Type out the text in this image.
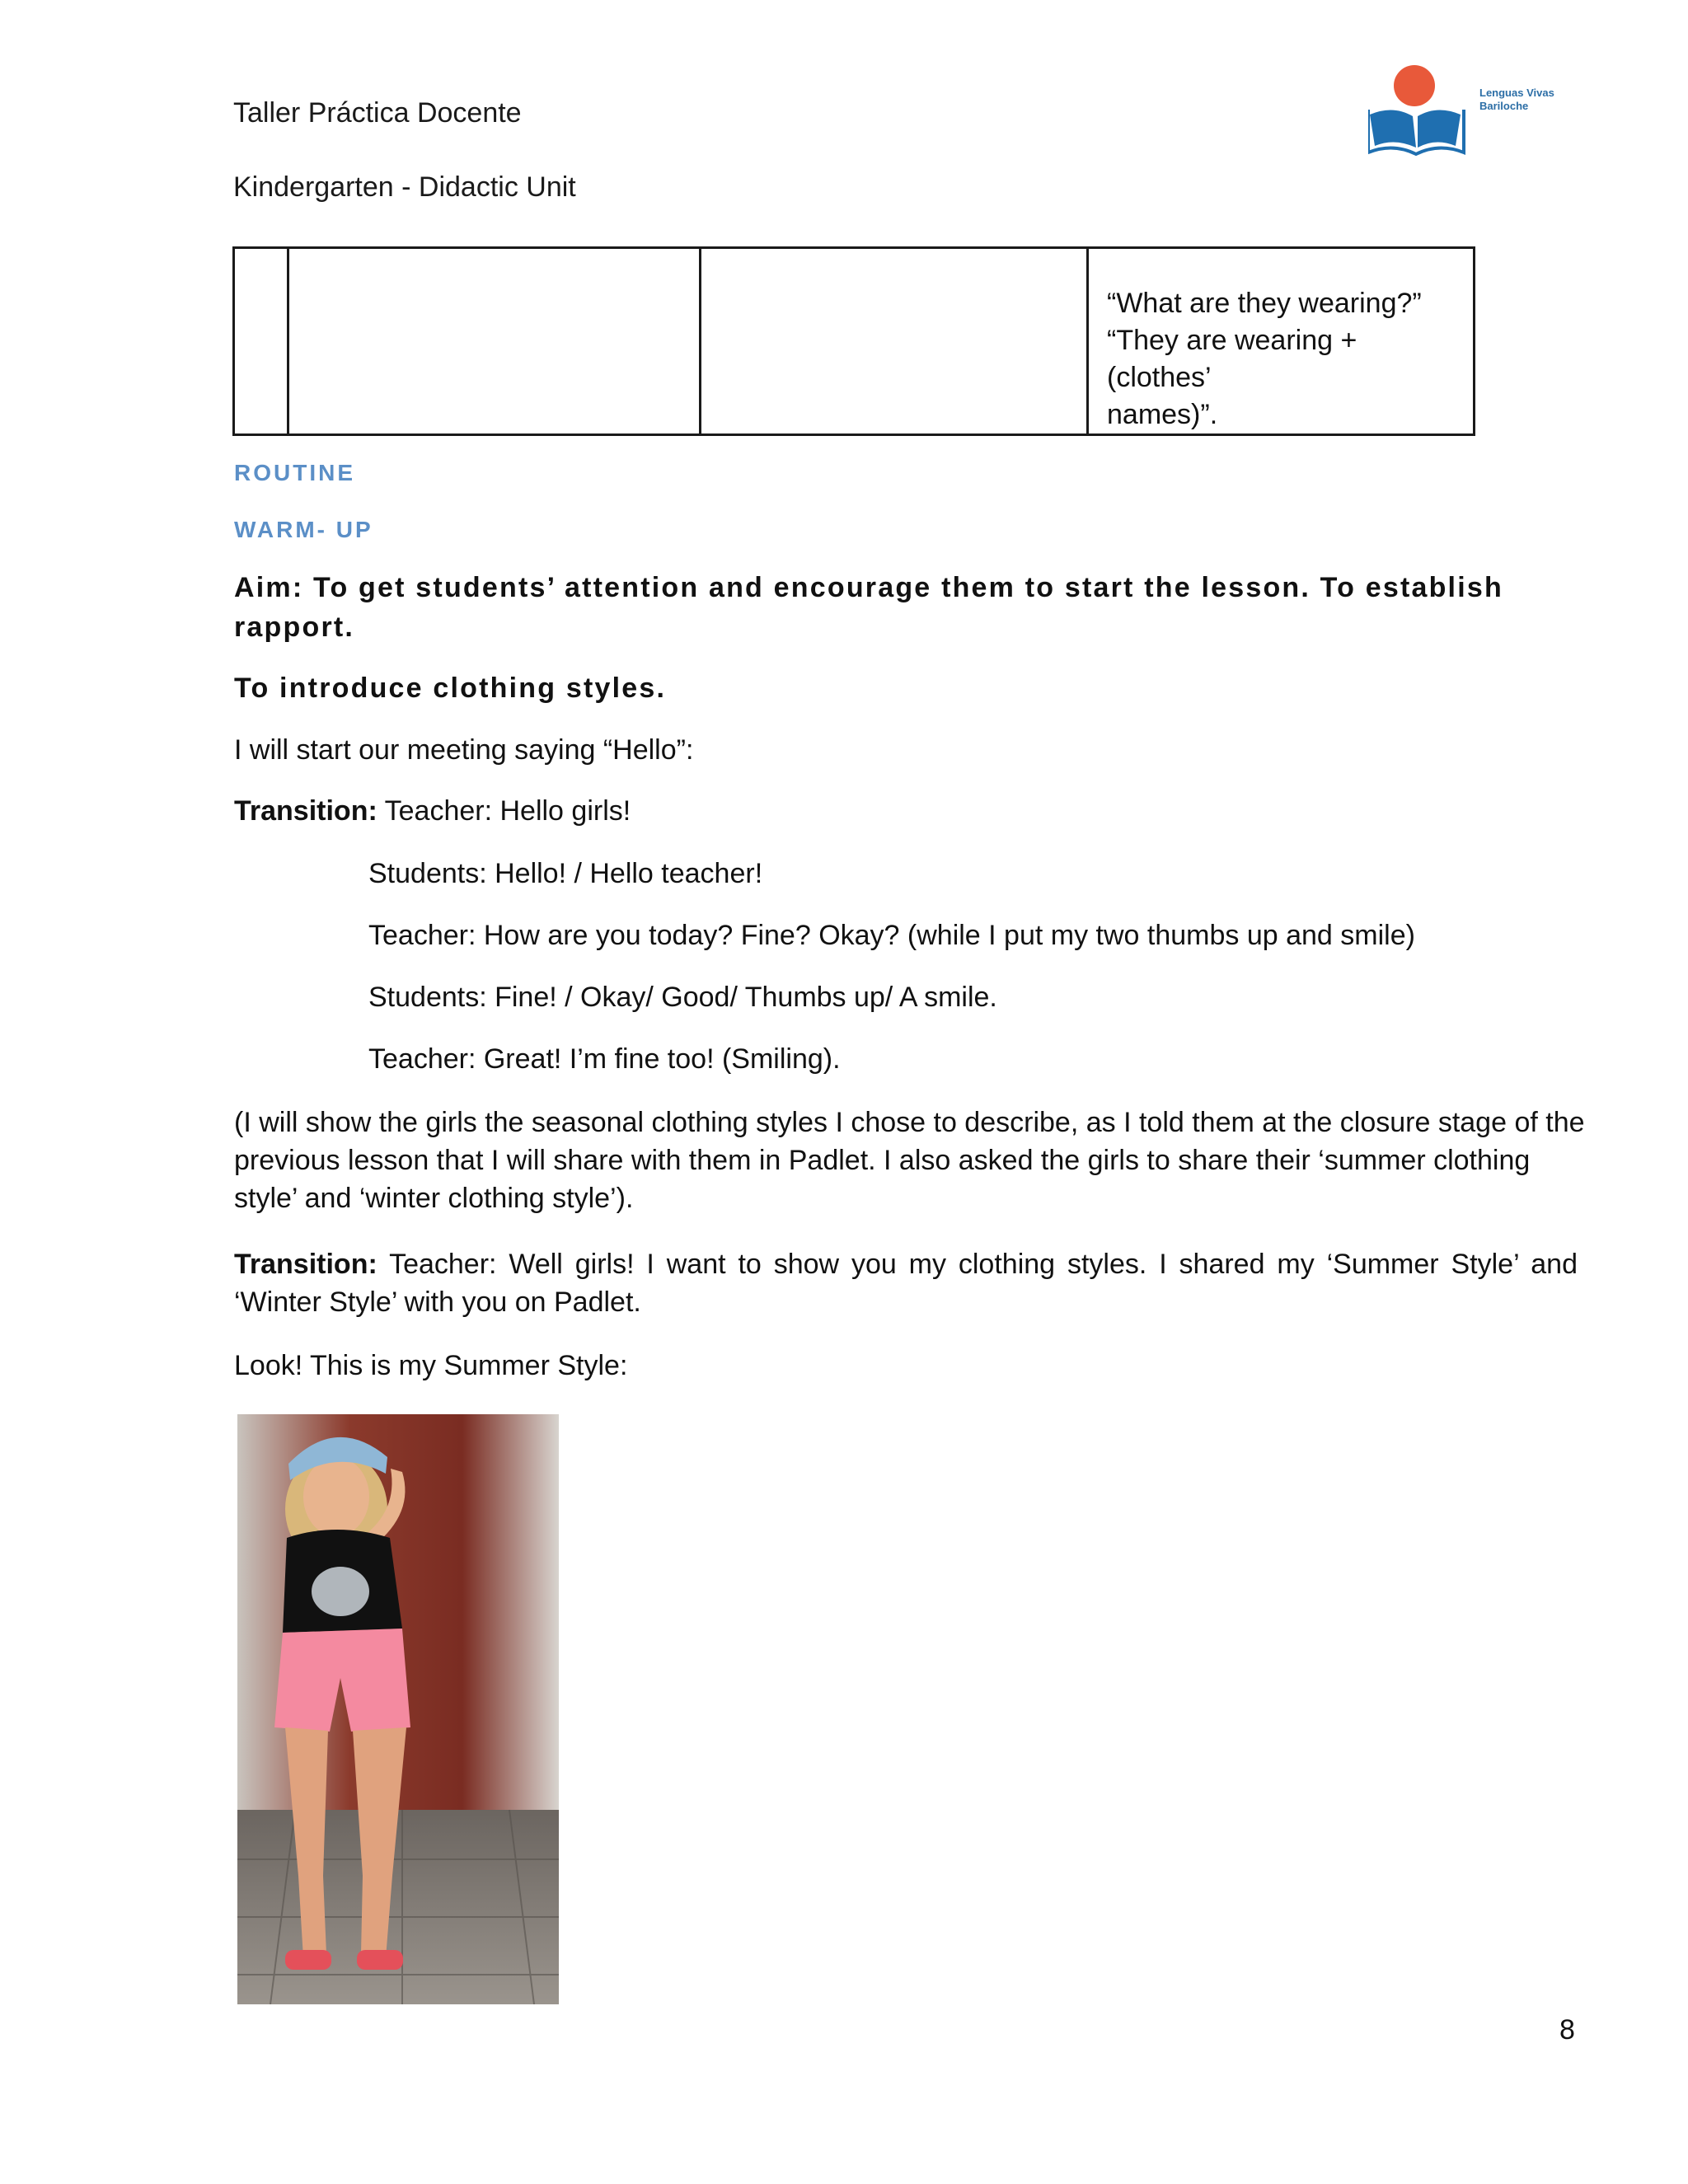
Taller Práctica Docente
Kindergarten - Didactic Unit
Lenguas Vivas
Bariloche

“What are they wearing?”
“They are wearing + (clothes’
names)”.
ROUTINE
WARM- UP
Aim: To get students’ attention and encourage them to start the lesson. To establish rapport.
To introduce clothing styles.
I will start our meeting saying “Hello”:
Transition: Teacher: Hello girls!
Students: Hello! / Hello teacher!
Teacher: How are you today? Fine? Okay? (while I put my two thumbs up and smile)
Students: Fine! / Okay/ Good/ Thumbs up/ A smile.
Teacher: Great! I’m fine too! (Smiling).

(I will show the girls the seasonal clothing styles I chose to describe, as I told them at the closure stage of the

previous lesson that I will share with them in Padlet. I also asked the girls to share their ‘summer clothing

style’ and ‘winter clothing style’).

Transition: Teacher: Well girls! I want to show you my clothing styles. I shared my ‘Summer Style’ and ‘Winter Style’ with you on Padlet.
Look! This is my Summer Style:
8
